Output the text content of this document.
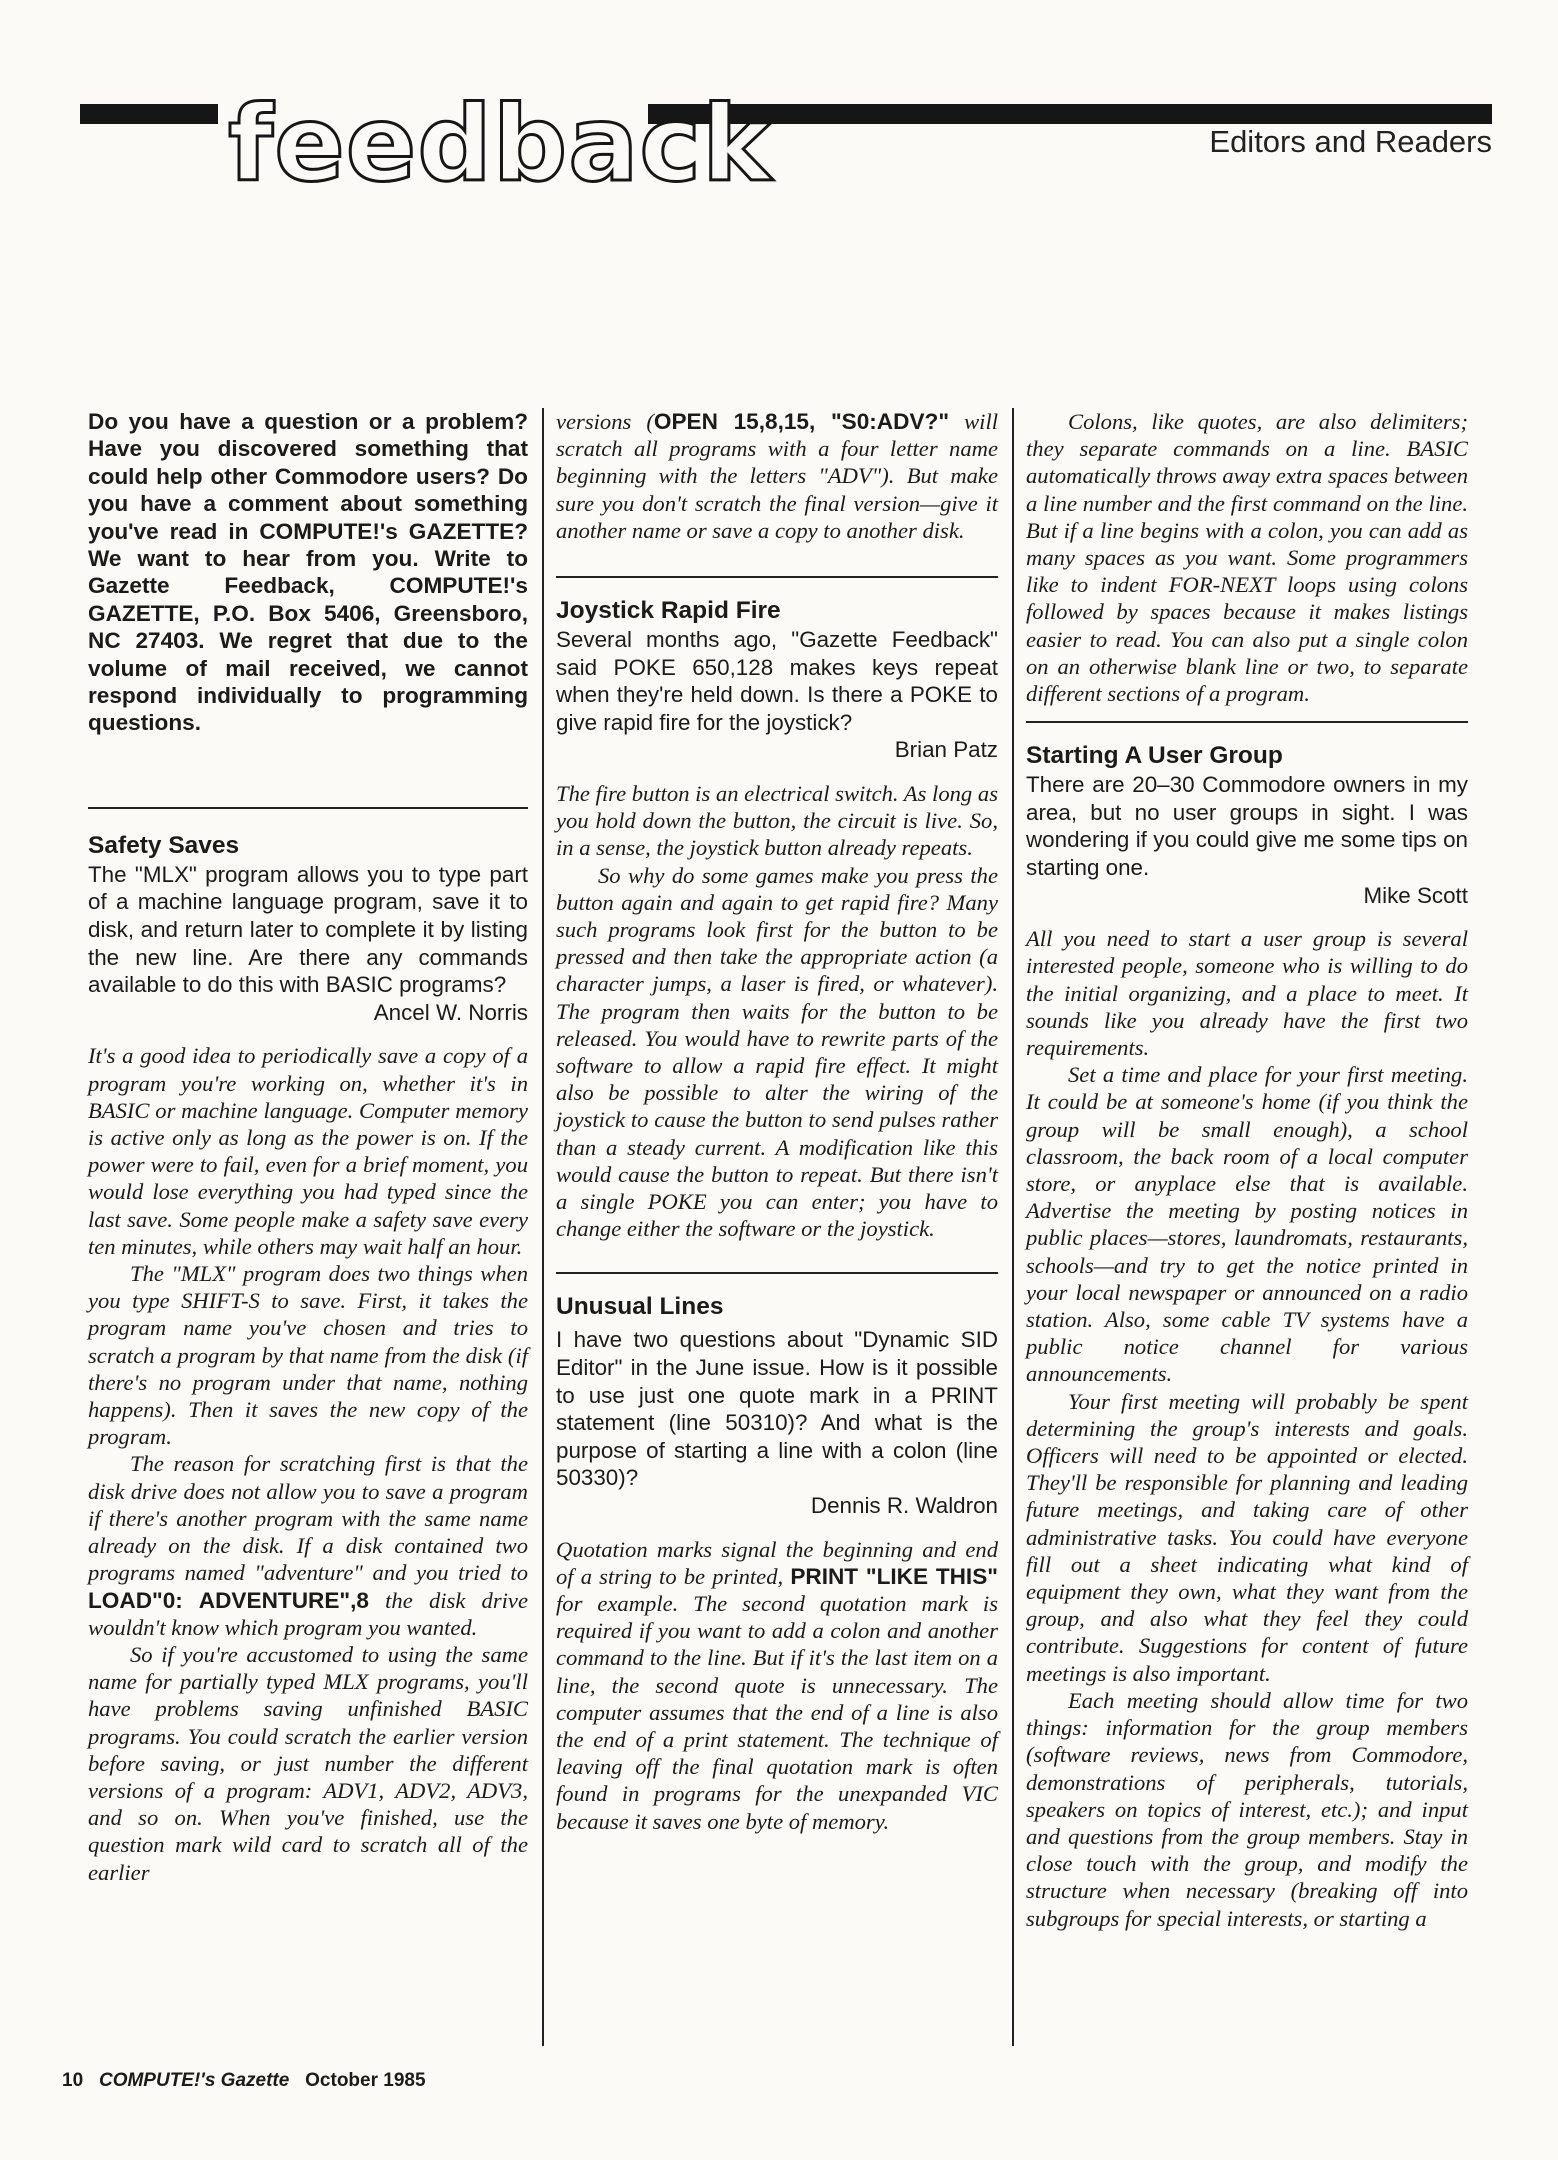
feedback	Editors and Readers

Do you have a question or a problem? Have you discovered something that could help other Commodore users? Do you have a comment about something you've read in COMPUTE!'s GAZETTE? We want to hear from you. Write to Gazette Feedback, COMPUTE!'s GAZETTE, P.O. Box 5406, Greensboro, NC 27403. We regret that due to the volume of mail received, we cannot respond individually to programming questions.

Safety Saves

The "MLX" program allows you to type part of a machine language program, save it to disk, and return later to complete it by listing the new line. Are there any commands available to do this with BASIC programs?

Ancel W. Norris

It's a good idea to periodically save a copy of a program you're working on, whether it's in BASIC or machine language. Computer memory is active only as long as the power is on. If the power were to fail, even for a brief moment, you would lose everything you had typed since the last save. Some people make a safety save every ten minutes, while others may wait half an hour.

The "MLX" program does two things when you type SHIFT-S to save. First, it takes the program name you've chosen and tries to scratch a program by that name from the disk (if there's no program under that name, nothing happens). Then it saves the new copy of the program.

The reason for scratching first is that the disk drive does not allow you to save a program if there's another program with the same name already on the disk. If a disk contained two programs named "adventure" and you tried to LOAD"0: ADVENTURE",8 the disk drive wouldn't know which program you wanted.

So if you're accustomed to using the same name for partially typed MLX programs, you'll have problems saving unfinished BASIC programs. You could scratch the earlier version before saving, or just number the different versions of a program: ADV1, ADV2, ADV3, and so on. When you've finished, use the question mark wild card to scratch all of the earlier

versions (OPEN 15,8,15, "S0:ADV?" will scratch all programs with a four letter name beginning with the letters "ADV"). But make sure you don't scratch the final version—give it another name or save a copy to another disk.

Joystick Rapid Fire

Several months ago, "Gazette Feedback" said POKE 650,128 makes keys repeat when they're held down. Is there a POKE to give rapid fire for the joystick?

Brian Patz

The fire button is an electrical switch. As long as you hold down the button, the circuit is live. So, in a sense, the joystick button already repeats.

So why do some games make you press the button again and again to get rapid fire? Many such programs look first for the button to be pressed and then take the appropriate action (a character jumps, a laser is fired, or whatever). The program then waits for the button to be released. You would have to rewrite parts of the software to allow a rapid fire effect. It might also be possible to alter the wiring of the joystick to cause the button to send pulses rather than a steady current. A modification like this would cause the button to repeat. But there isn't a single POKE you can enter; you have to change either the software or the joystick.

Unusual Lines

I have two questions about "Dynamic SID Editor" in the June issue. How is it possible to use just one quote mark in a PRINT statement (line 50310)? And what is the purpose of starting a line with a colon (line 50330)?

Dennis R. Waldron

Quotation marks signal the beginning and end of a string to be printed, PRINT "LIKE THIS" for example. The second quotation mark is required if you want to add a colon and another command to the line. But if it's the last item on a line, the second quote is unnecessary. The computer assumes that the end of a line is also the end of a print statement. The technique of leaving off the final quotation mark is often found in programs for the unexpanded VIC because it saves one byte of memory.

Colons, like quotes, are also delimiters; they separate commands on a line. BASIC automatically throws away extra spaces between a line number and the first command on the line. But if a line begins with a colon, you can add as many spaces as you want. Some programmers like to indent FOR-NEXT loops using colons followed by spaces because it makes listings easier to read. You can also put a single colon on an otherwise blank line or two, to separate different sections of a program.

Starting A User Group

There are 20–30 Commodore owners in my area, but no user groups in sight. I was wondering if you could give me some tips on starting one.

Mike Scott

All you need to start a user group is several interested people, someone who is willing to do the initial organizing, and a place to meet. It sounds like you already have the first two requirements.

Set a time and place for your first meeting. It could be at someone's home (if you think the group will be small enough), a school classroom, the back room of a local computer store, or anyplace else that is available. Advertise the meeting by posting notices in public places—stores, laundromats, restaurants, schools—and try to get the notice printed in your local newspaper or announced on a radio station. Also, some cable TV systems have a public notice channel for various announcements.

Your first meeting will probably be spent determining the group's interests and goals. Officers will need to be appointed or elected. They'll be responsible for planning and leading future meetings, and taking care of other administrative tasks. You could have everyone fill out a sheet indicating what kind of equipment they own, what they want from the group, and also what they feel they could contribute. Suggestions for content of future meetings is also important.

Each meeting should allow time for two things: information for the group members (software reviews, news from Commodore, demonstrations of peripherals, tutorials, speakers on topics of interest, etc.); and input and questions from the group members. Stay in close touch with the group, and modify the structure when necessary (breaking off into subgroups for special interests, or starting a

10 COMPUTE!'s Gazette October 1985
